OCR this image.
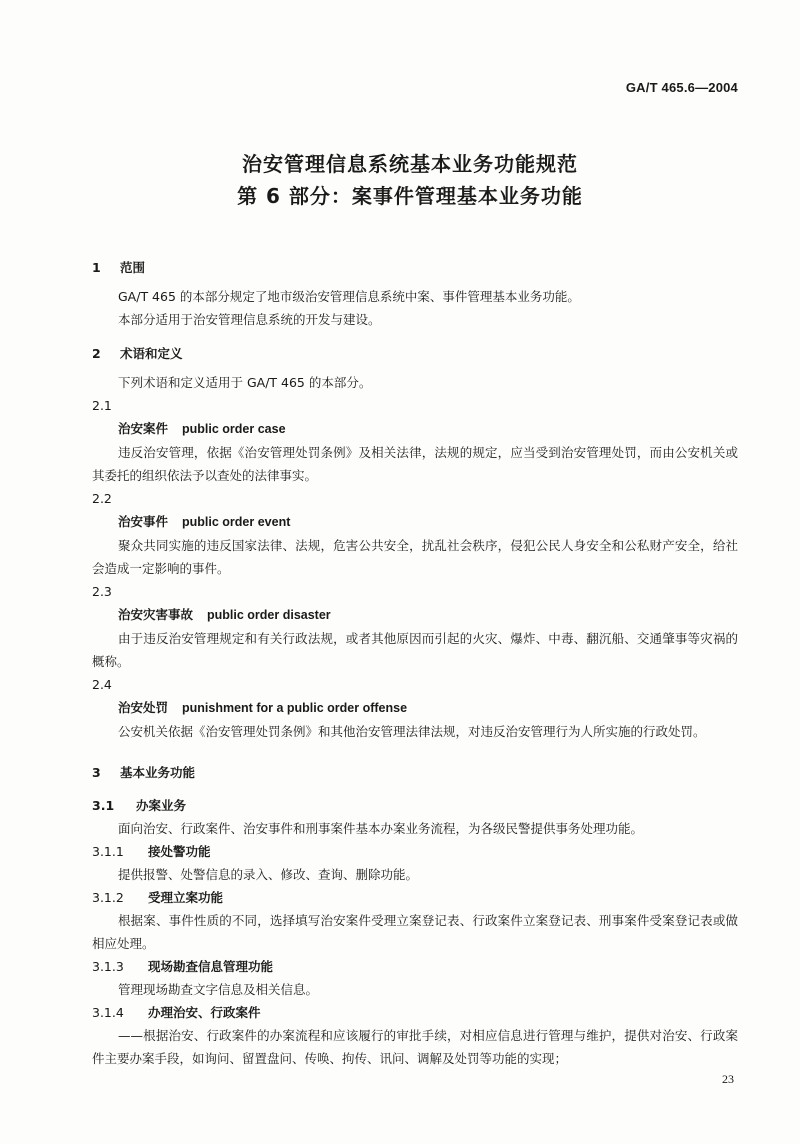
GA/T 465.6—2004
治安管理信息系统基本业务功能规范
第 6 部分：案事件管理基本业务功能
1 范围
GA/T 465 的本部分规定了地市级治安管理信息系统中案、事件管理基本业务功能。
本部分适用于治安管理信息系统的开发与建设。
2 术语和定义
下列术语和定义适用于 GA/T 465 的本部分。
2.1
治安案件 public order case
违反治安管理，依据《治安管理处罚条例》及相关法律，法规的规定，应当受到治安管理处罚，而由公安机关或其委托的组织依法予以查处的法律事实。
2.2
治安事件 public order event
聚众共同实施的违反国家法律、法规，危害公共安全，扰乱社会秩序，侵犯公民人身安全和公私财产安全，给社会造成一定影响的事件。
2.3
治安灾害事故 public order disaster
由于违反治安管理规定和有关行政法规，或者其他原因而引起的火灾、爆炸、中毒、翻沉船、交通肇事等灾祸的概称。
2.4
治安处罚 punishment for a public order offense
公安机关依据《治安管理处罚条例》和其他治安管理法律法规，对违反治安管理行为人所实施的行政处罚。
3 基本业务功能
3.1 办案业务
面向治安、行政案件、治安事件和刑事案件基本办案业务流程，为各级民警提供事务处理功能。
3.1.1 接处警功能
提供报警、处警信息的录入、修改、查询、删除功能。
3.1.2 受理立案功能
根据案、事件性质的不同，选择填写治安案件受理立案登记表、行政案件立案登记表、刑事案件受案登记表或做相应处理。
3.1.3 现场勘查信息管理功能
管理现场勘查文字信息及相关信息。
3.1.4 办理治安、行政案件
——根据治安、行政案件的办案流程和应该履行的审批手续，对相应信息进行管理与维护，提供对治安、行政案件主要办案手段，如询问、留置盘问、传唤、拘传、讯问、调解及处罚等功能的实现；
23
